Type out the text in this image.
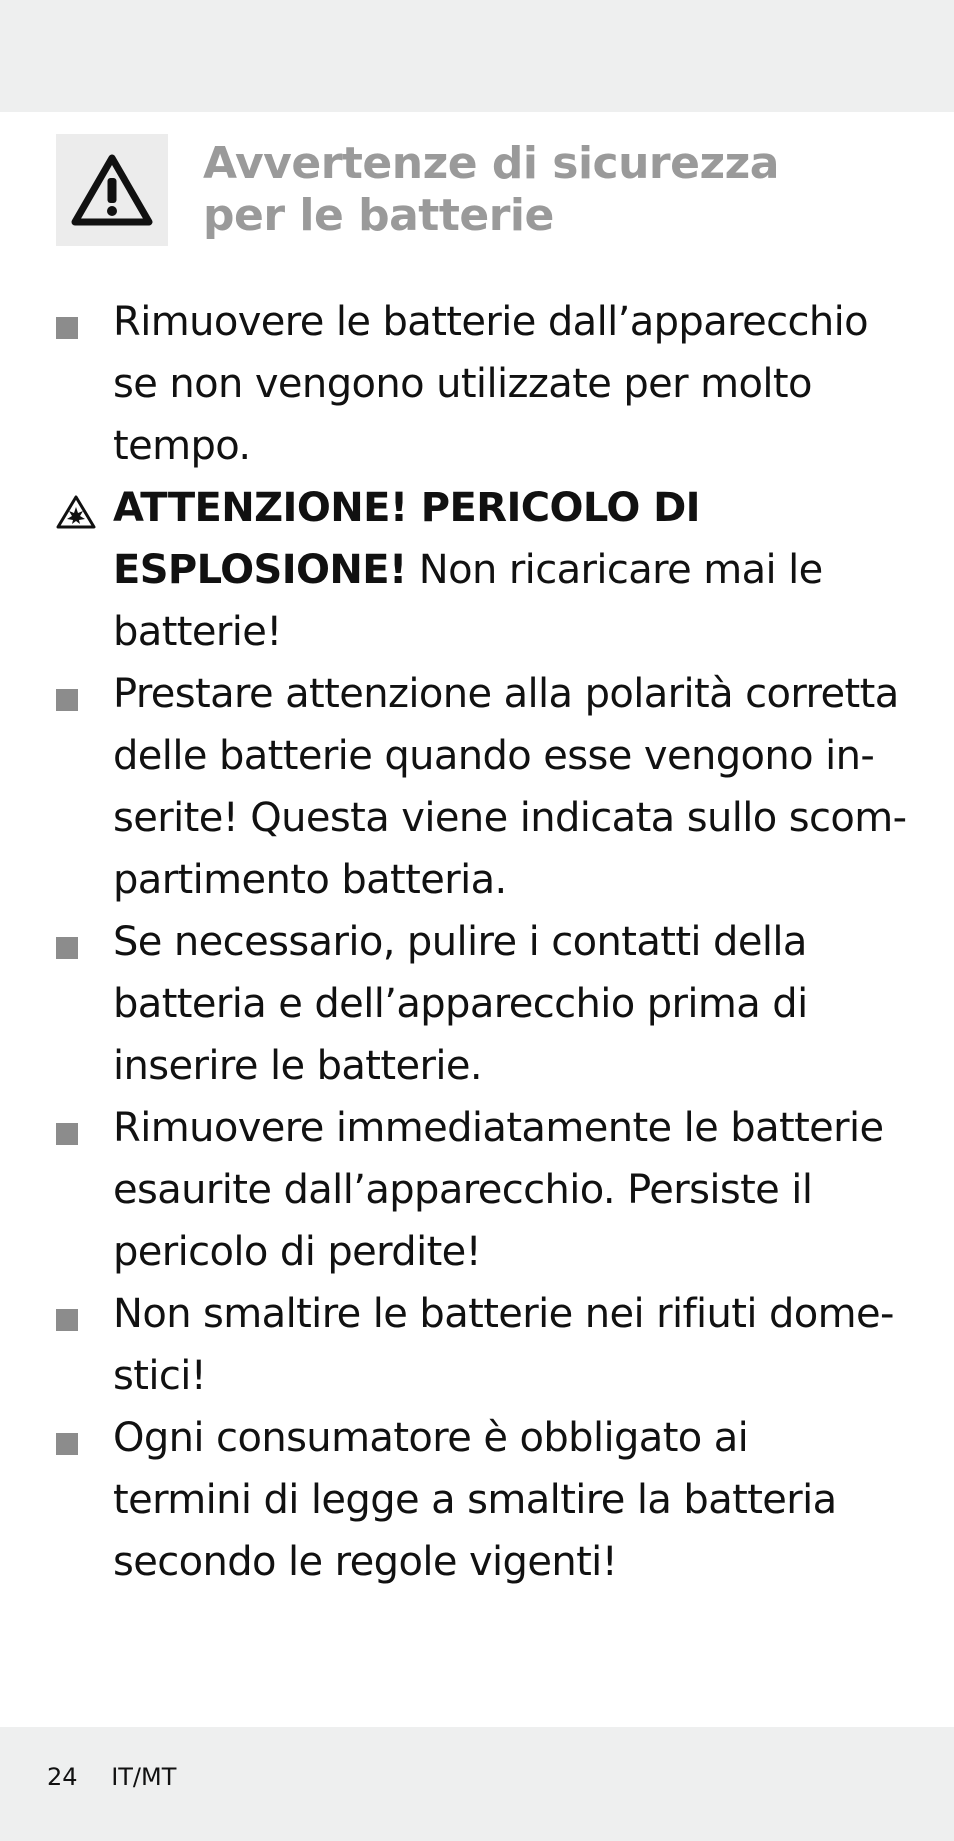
Avvertenze di sicurezza
per le batterie
Rimuovere le batterie dall’apparecchio
se non vengono utilizzate per molto
tempo.
ATTENZIONE! PERICOLO DI
ESPLOSIONE! Non ricaricare mai le
batterie!
Prestare attenzione alla polarità corretta
delle batterie quando esse vengono in-
serite! Questa viene indicata sullo scom-
partimento batteria.
Se necessario, pulire i contatti della
batteria e dell’apparecchio prima di
inserire le batterie.
Rimuovere immediatamente le batterie
esaurite dall’apparecchio. Persiste il
pericolo di perdite!
Non smaltire le batterie nei rifiuti dome-
stici!
Ogni consumatore è obbligato ai
termini di legge a smaltire la batteria
secondo le regole vigenti!
24 IT/MT
